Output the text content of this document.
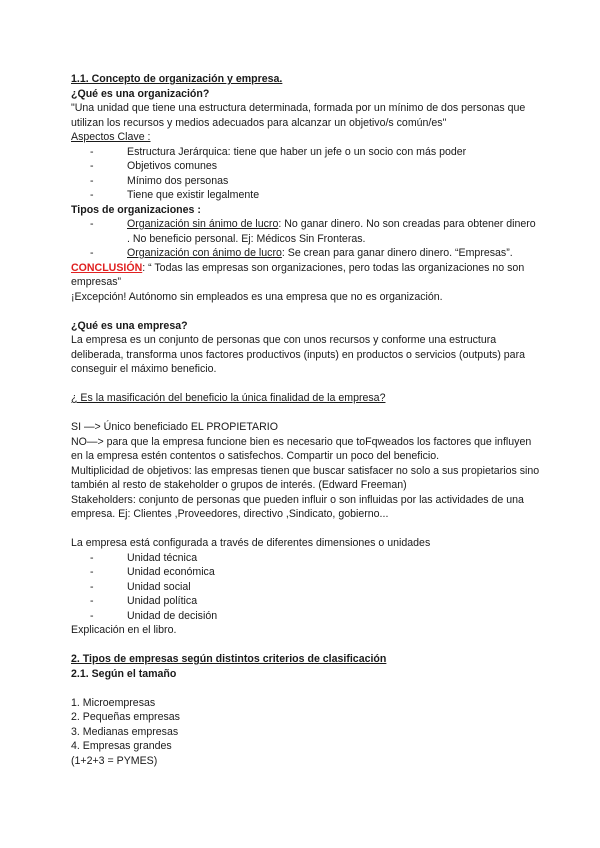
1.1. Concepto de organización y empresa.

¿Qué es una organización?

"Una unidad que tiene una estructura determinada, formada por un mínimo de dos personas que utilizan los recursos y medios adecuados para alcanzar un objetivo/s común/es"

Aspectos Clave :

- Estructura Jerárquica: tiene que haber un jefe o un socio con más poder
- Objetivos comunes
- Mínimo dos personas
- Tiene que existir legalmente

Tipos de organizaciones :

- Organización sin ánimo de lucro: No ganar dinero. No son creadas para obtener dinero . No beneficio personal. Ej: Médicos Sin Fronteras.
- Organización con ánimo de lucro: Se crean para ganar dinero dinero. “Empresas”.

CONCLUSIÓN: “ Todas las empresas son organizaciones, pero todas las organizaciones no son empresas”

¡Excepción! Autónomo sin empleados es una empresa que no es organización.

¿Qué es una empresa?

La empresa es un conjunto de personas que con unos recursos y conforme una estructura deliberada, transforma unos factores productivos (inputs) en productos o servicios (outputs) para conseguir el máximo beneficio.

¿ Es la masificación del beneficio la única finalidad de la empresa?

SI —> Único beneficiado EL PROPIETARIO

NO—> para que la empresa funcione bien es necesario que toFqweados los factores que influyen en la empresa estén contentos o satisfechos. Compartir un poco del beneficio.

Multiplicidad de objetivos: las empresas tienen que buscar satisfacer no solo a sus propietarios sino también al resto de stakeholder o grupos de interés. (Edward Freeman)

Stakeholders: conjunto de personas que pueden influir o son influidas por las actividades de una empresa. Ej: Clientes ,Proveedores, directivo ,Sindicato, gobierno...

La empresa está configurada a través de diferentes dimensiones o unidades

- Unidad técnica
- Unidad económica
- Unidad social
- Unidad política
- Unidad de decisión

Explicación en el libro.

2. Tipos de empresas según distintos criterios de clasificación

2.1. Según el tamaño

1. Microempresas

2. Pequeñas empresas

3. Medianas empresas

4. Empresas grandes

(1+2+3 = PYMES)
